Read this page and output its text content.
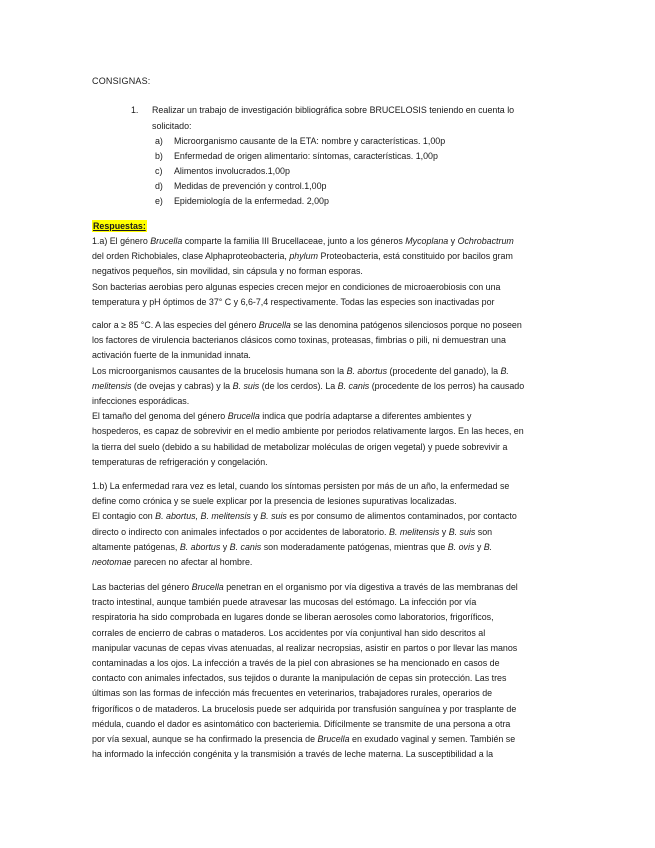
CONSIGNAS:
1. Realizar un trabajo de investigación bibliográfica sobre BRUCELOSIS teniendo en cuenta lo
solicitado:
a) Microorganismo causante de la ETA: nombre y características. 1,00p
b) Enfermedad de origen alimentario: síntomas, características. 1,00p
c) Alimentos involucrados.1,00p
d) Medidas de prevención y control.1,00p
e) Epidemiología de la enfermedad. 2,00p
Respuestas:
1.a) El género Brucella comparte la familia III Brucellaceae, junto a los géneros Mycoplana y Ochrobactrum
del orden Richobiales, clase Alphaproteobacteria, phylum Proteobacteria, está constituido por bacilos gram
negativos pequeños, sin movilidad, sin cápsula y no forman esporas.
Son bacterias aerobias pero algunas especies crecen mejor en condiciones de microaerobiosis con una
temperatura y pH óptimos de 37° C y 6,6-7,4 respectivamente. Todas las especies son inactivadas por
calor a ≥ 85 °C. A las especies del género Brucella se las denomina patógenos silenciosos porque no poseen
los factores de virulencia bacterianos clásicos como toxinas, proteasas, fimbrias o pili, ni demuestran una
activación fuerte de la inmunidad innata.
Los microorganismos causantes de la brucelosis humana son la B. abortus (procedente del ganado), la B.
melitensis (de ovejas y cabras) y la B. suis (de los cerdos). La B. canis (procedente de los perros) ha causado
infecciones esporádicas.
El tamaño del genoma del género Brucella indica que podría adaptarse a diferentes ambientes y
hospederos, es capaz de sobrevivir en el medio ambiente por periodos relativamente largos. En las heces, en
la tierra del suelo (debido a su habilidad de metabolizar moléculas de origen vegetal) y puede sobrevivir a
temperaturas de refrigeración y congelación.
1.b) La enfermedad rara vez es letal, cuando los síntomas persisten por más de un año, la enfermedad se
define como crónica y se suele explicar por la presencia de lesiones supurativas localizadas.
El contagio con B. abortus, B. melitensis y B. suis es por consumo de alimentos contaminados, por contacto
directo o indirecto con animales infectados o por accidentes de laboratorio. B. melitensis y B. suis son
altamente patógenas, B. abortus y B. canis son moderadamente patógenas, mientras que B. ovis y B.
neotomae parecen no afectar al hombre.
Las bacterias del género Brucella penetran en el organismo por vía digestiva a través de las membranas del
tracto intestinal, aunque también puede atravesar las mucosas del estómago. La infección por vía
respiratoria ha sido comprobada en lugares donde se liberan aerosoles como laboratorios, frigoríficos,
corrales de encierro de cabras o mataderos. Los accidentes por vía conjuntival han sido descritos al
manipular vacunas de cepas vivas atenuadas, al realizar necropsias, asistir en partos o por llevar las manos
contaminadas a los ojos. La infección a través de la piel con abrasiones se ha mencionado en casos de
contacto con animales infectados, sus tejidos o durante la manipulación de cepas sin protección. Las tres
últimas son las formas de infección más frecuentes en veterinarios, trabajadores rurales, operarios de
frigoríficos o de mataderos. La brucelosis puede ser adquirida por transfusión sanguínea y por trasplante de
médula, cuando el dador es asintomático con bacteriemia. Difícilmente se transmite de una persona a otra
por vía sexual, aunque se ha confirmado la presencia de Brucella en exudado vaginal y semen. También se
ha informado la infección congénita y la transmisión a través de leche materna. La susceptibilidad a la
